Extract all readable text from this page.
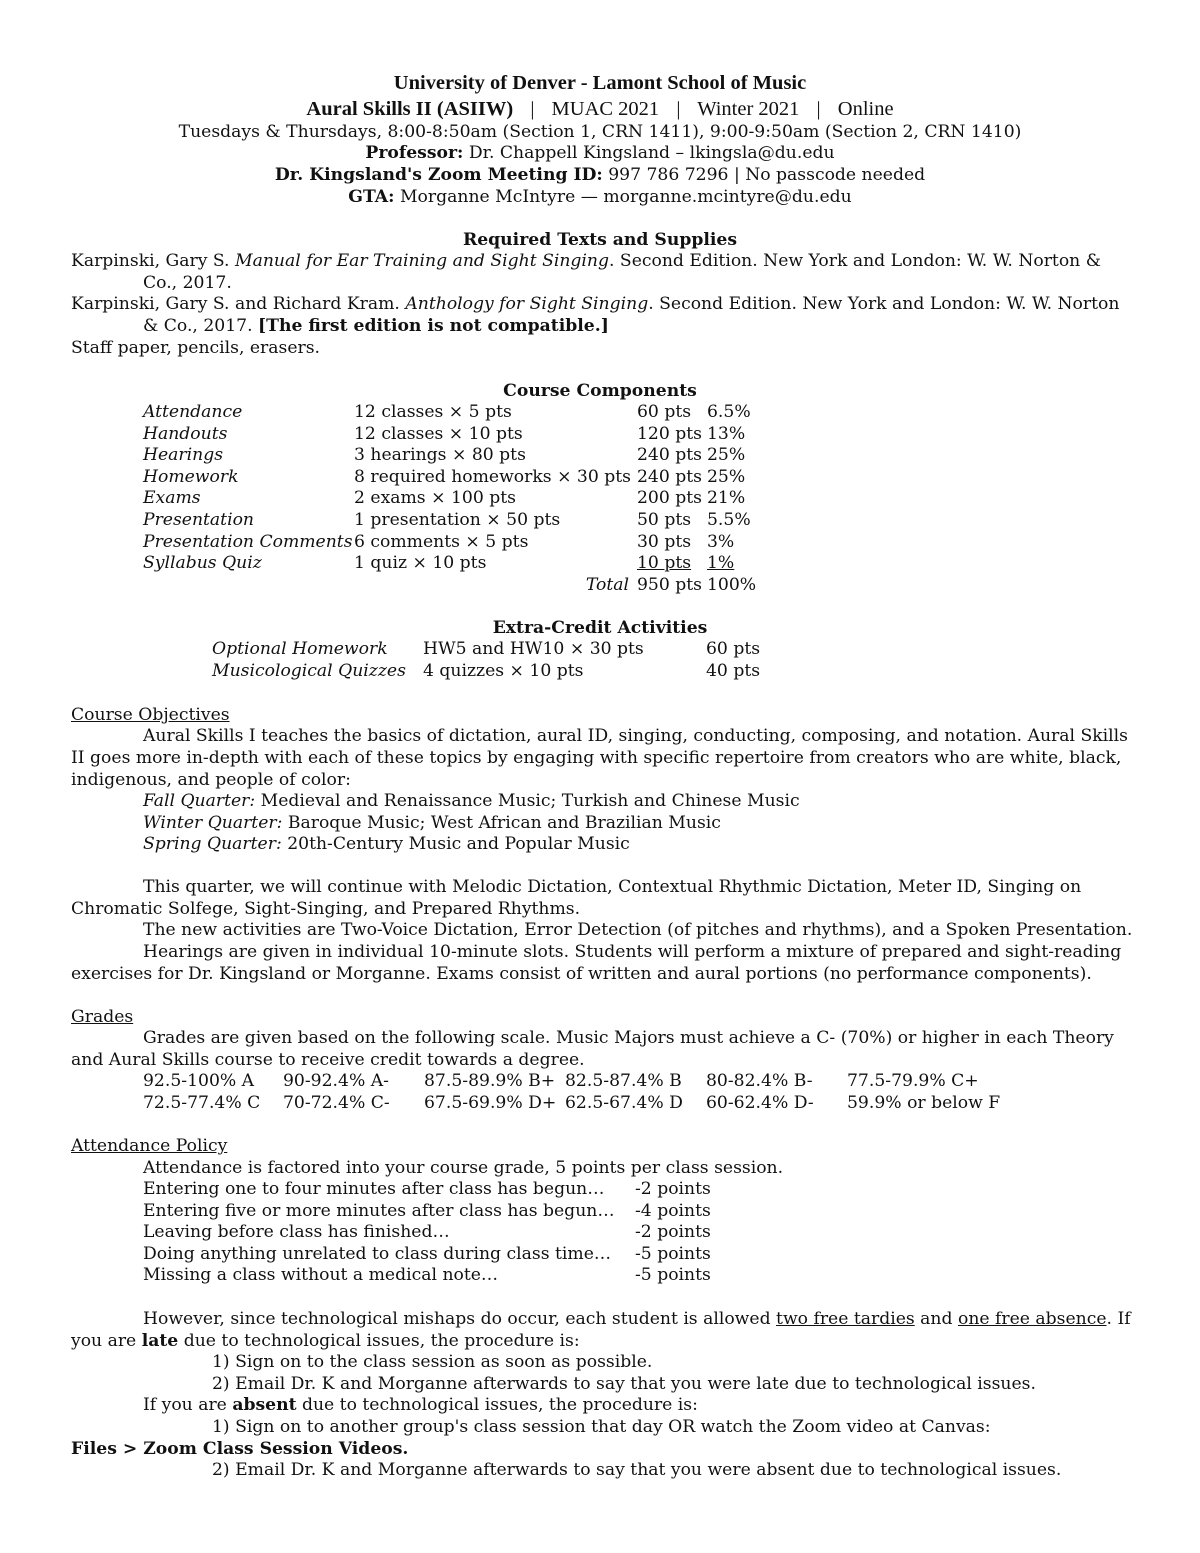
University of Denver - Lamont School of Music
Aural Skills II (ASIIW) | MUAC 2021 | Winter 2021 | Online
Tuesdays & Thursdays, 8:00-8:50am (Section 1, CRN 1411), 9:00-9:50am (Section 2, CRN 1410)
Professor: Dr. Chappell Kingsland – lkingsla@du.edu
Dr. Kingsland's Zoom Meeting ID: 997 786 7296 | No passcode needed
GTA: Morganne McIntyre — morganne.mcintyre@du.edu
Required Texts and Supplies
Karpinski, Gary S. Manual for Ear Training and Sight Singing. Second Edition. New York and London: W. W. Norton &
Co., 2017.
Karpinski, Gary S. and Richard Kram. Anthology for Sight Singing. Second Edition. New York and London: W. W. Norton
& Co., 2017. [The first edition is not compatible.]
Staff paper, pencils, erasers.
Course Components
Attendance	12 classes × 5 pts	60 pts	6.5%
Handouts	12 classes × 10 pts	120 pts	13%
Hearings	3 hearings × 80 pts	240 pts	25%
Homework	8 required homeworks × 30 pts	240 pts	25%
Exams	2 exams × 100 pts	200 pts	21%
Presentation	1 presentation × 50 pts	50 pts	5.5%
Presentation Comments	6 comments × 5 pts	30 pts	3%
Syllabus Quiz	1 quiz × 10 pts	10 pts	1%
Total		950 pts	100%
Extra-Credit Activities
Optional Homework	HW5 and HW10 × 30 pts	60 pts
Musicological Quizzes	4 quizzes × 10 pts	40 pts
Course Objectives
Aural Skills I teaches the basics of dictation, aural ID, singing, conducting, composing, and notation. Aural Skills
II goes more in-depth with each of these topics by engaging with specific repertoire from creators who are white, black,
indigenous, and people of color:
Fall Quarter: Medieval and Renaissance Music; Turkish and Chinese Music
Winter Quarter: Baroque Music; West African and Brazilian Music
Spring Quarter: 20th-Century Music and Popular Music
This quarter, we will continue with Melodic Dictation, Contextual Rhythmic Dictation, Meter ID, Singing on
Chromatic Solfege, Sight-Singing, and Prepared Rhythms.
The new activities are Two-Voice Dictation, Error Detection (of pitches and rhythms), and a Spoken Presentation.
Hearings are given in individual 10-minute slots. Students will perform a mixture of prepared and sight-reading
exercises for Dr. Kingsland or Morganne. Exams consist of written and aural portions (no performance components).
Grades
Grades are given based on the following scale. Music Majors must achieve a C- (70%) or higher in each Theory
and Aural Skills course to receive credit towards a degree.
92.5-100% A 90-92.4% A- 87.5-89.9% B+ 82.5-87.4% B 80-82.4% B- 77.5-79.9% C+
72.5-77.4% C 70-72.4% C- 67.5-69.9% D+ 62.5-67.4% D 60-62.4% D- 59.9% or below F
Attendance Policy
Attendance is factored into your course grade, 5 points per class session.
Entering one to four minutes after class has begun… -2 points
Entering five or more minutes after class has begun… -4 points
Leaving before class has finished…	-2 points
Doing anything unrelated to class during class time… -5 points
Missing a class without a medical note…	-5 points
However, since technological mishaps do occur, each student is allowed two free tardies and one free absence. If
you are late due to technological issues, the procedure is:
1) Sign on to the class session as soon as possible.
2) Email Dr. K and Morganne afterwards to say that you were late due to technological issues.
If you are absent due to technological issues, the procedure is:
1) Sign on to another group's class session that day OR watch the Zoom video at Canvas:
Files > Zoom Class Session Videos.
2) Email Dr. K and Morganne afterwards to say that you were absent due to technological issues.
